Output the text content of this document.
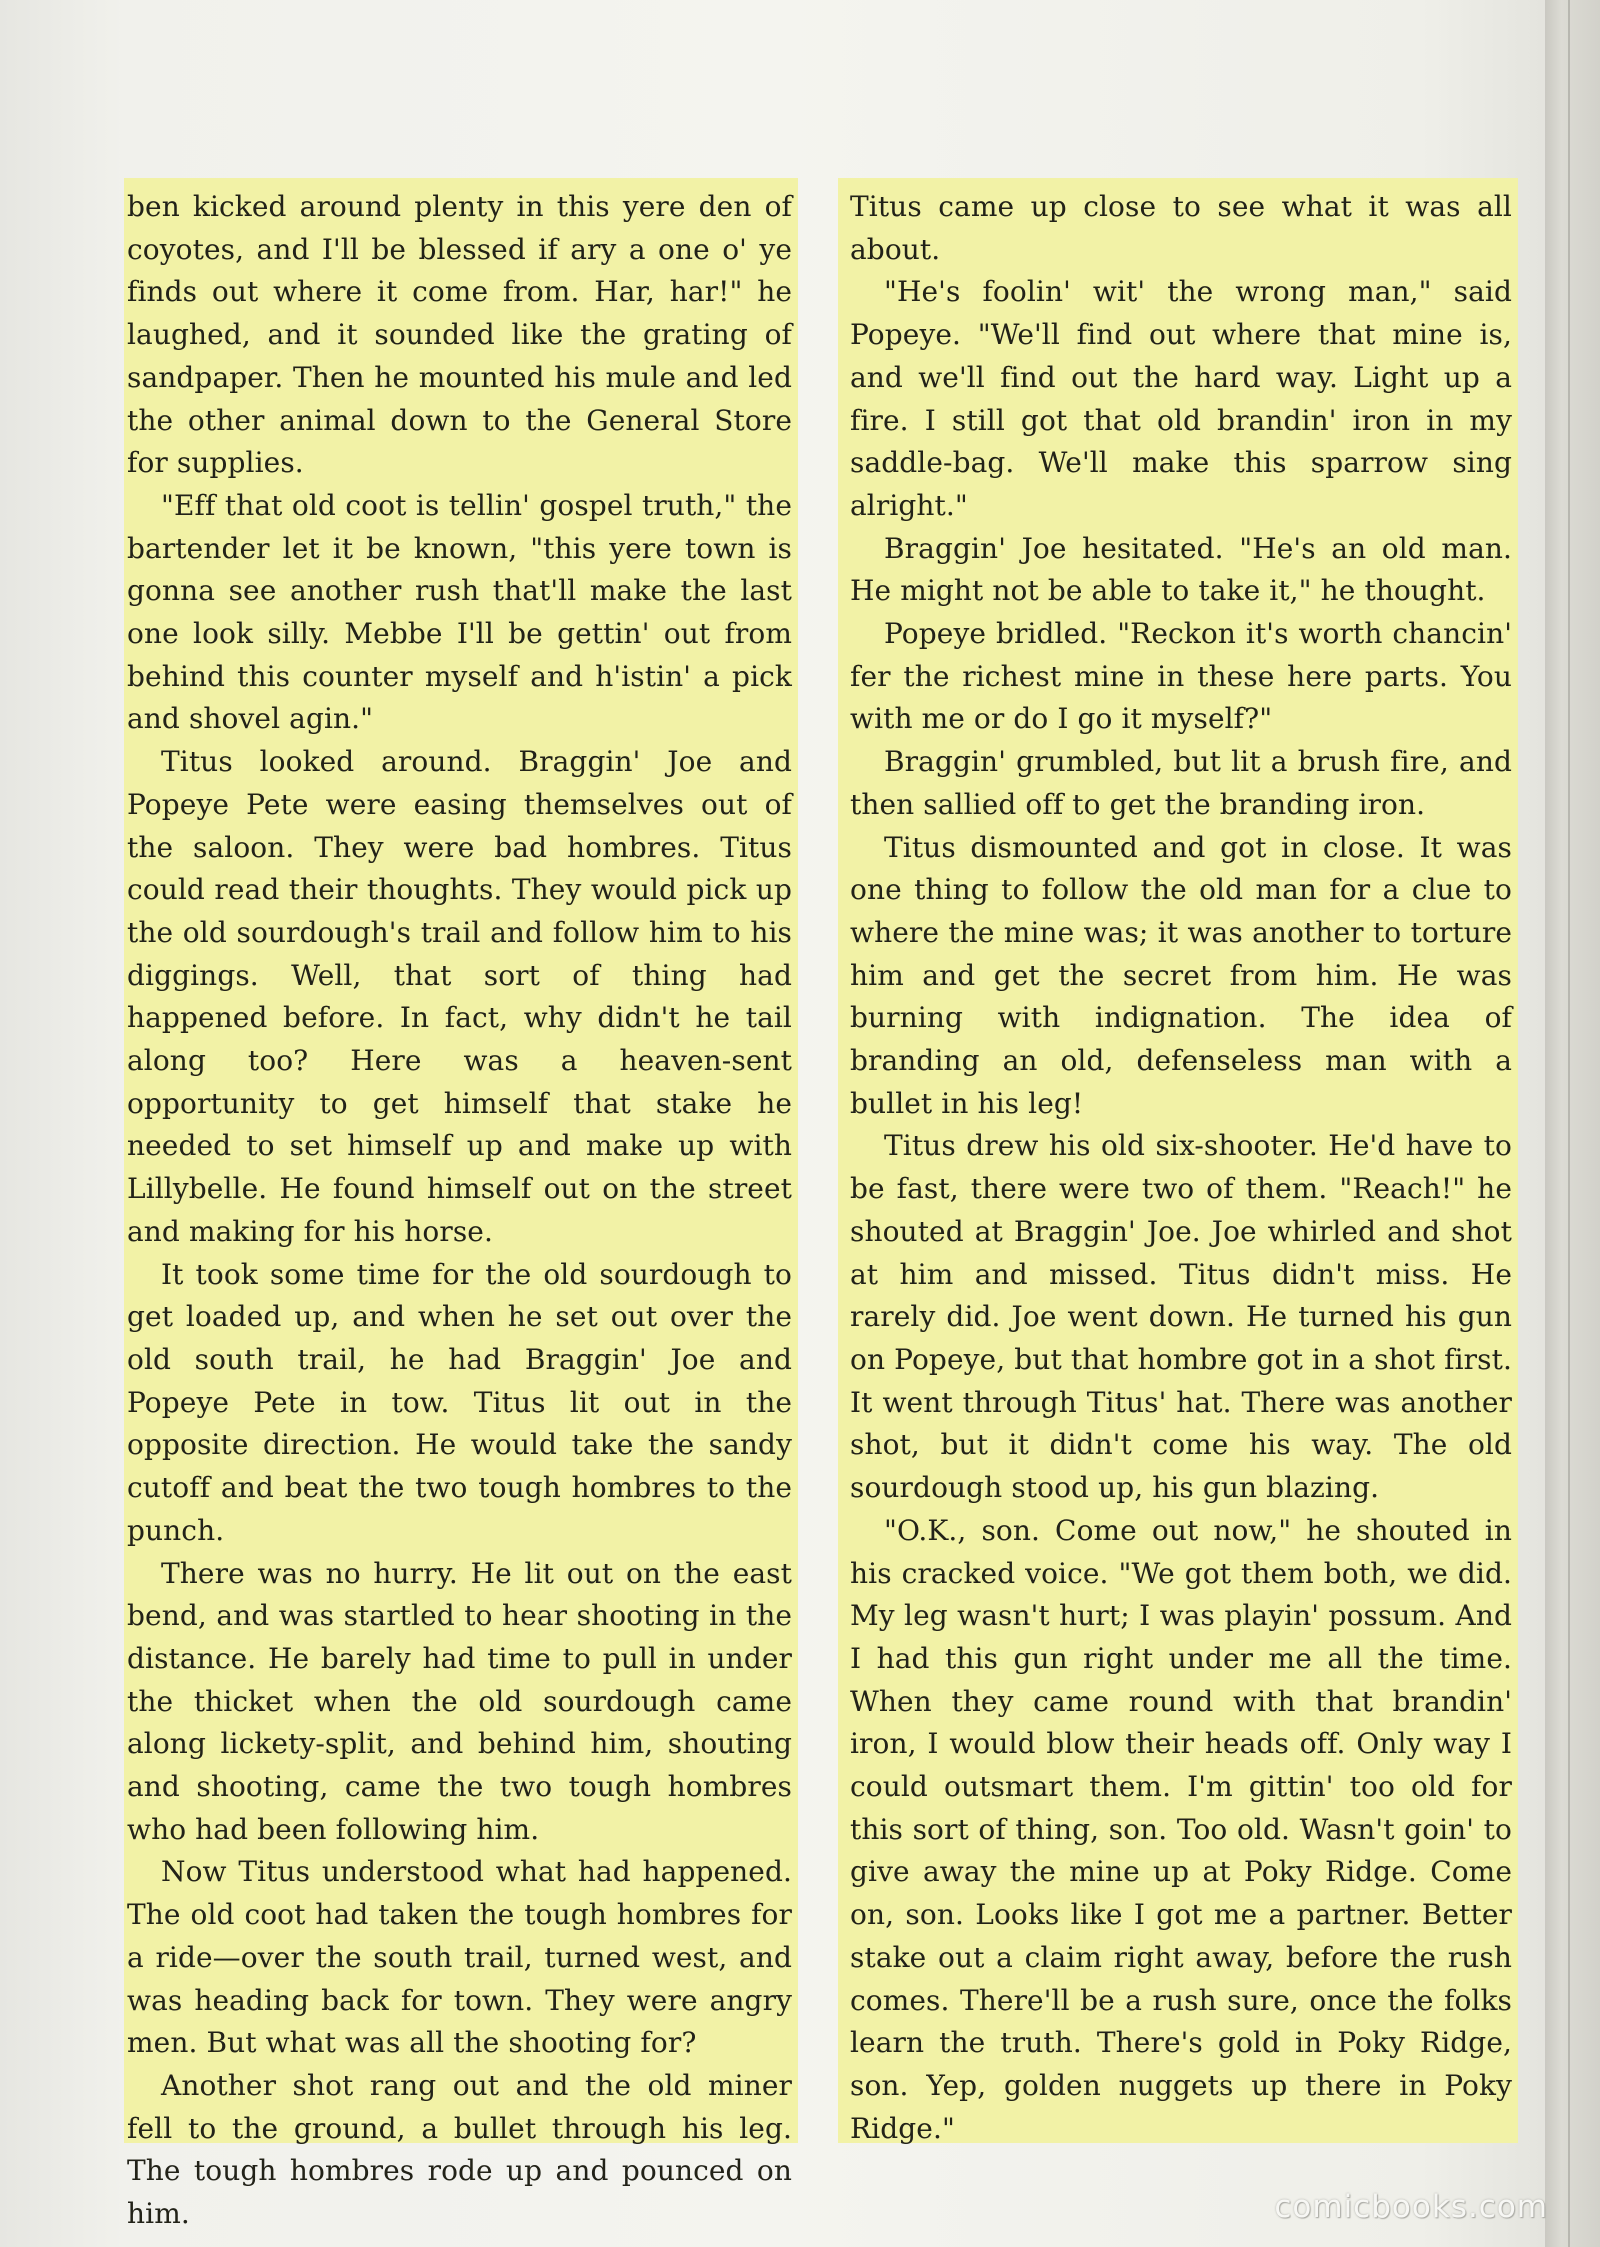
ben kicked around plenty in this yere den of coyotes, and I'll be blessed if ary a one o' ye finds out where it come from. Har, har!" he laughed, and it sounded like the grating of sandpaper. Then he mounted his mule and led the other animal down to the General Store for supplies.

"Eff that old coot is tellin' gospel truth," the bartender let it be known, "this yere town is gonna see another rush that'll make the last one look silly. Mebbe I'll be gettin' out from behind this counter myself and h'istin' a pick and shovel agin."

Titus looked around. Braggin' Joe and Popeye Pete were easing themselves out of the saloon. They were bad hombres. Titus could read their thoughts. They would pick up the old sourdough's trail and follow him to his diggings. Well, that sort of thing had happened before. In fact, why didn't he tail along too? Here was a heaven-sent opportunity to get himself that stake he needed to set himself up and make up with Lillybelle. He found himself out on the street and making for his horse.

It took some time for the old sourdough to get loaded up, and when he set out over the old south trail, he had Braggin' Joe and Popeye Pete in tow. Titus lit out in the opposite direction. He would take the sandy cutoff and beat the two tough hombres to the punch.

There was no hurry. He lit out on the east bend, and was startled to hear shooting in the distance. He barely had time to pull in under the thicket when the old sourdough came along lickety-split, and behind him, shouting and shooting, came the two tough hombres who had been following him.

Now Titus understood what had happened. The old coot had taken the tough hombres for a ride—over the south trail, turned west, and was heading back for town. They were angry men. But what was all the shooting for?

Another shot rang out and the old miner fell to the ground, a bullet through his leg. The tough hombres rode up and pounced on him.

Titus came up close to see what it was all about.

"He's foolin' wit' the wrong man," said Popeye. "We'll find out where that mine is, and we'll find out the hard way. Light up a fire. I still got that old brandin' iron in my saddle-bag. We'll make this sparrow sing alright."

Braggin' Joe hesitated. "He's an old man. He might not be able to take it," he thought.

Popeye bridled. "Reckon it's worth chancin' fer the richest mine in these here parts. You with me or do I go it myself?"

Braggin' grumbled, but lit a brush fire, and then sallied off to get the branding iron.

Titus dismounted and got in close. It was one thing to follow the old man for a clue to where the mine was; it was another to torture him and get the secret from him. He was burning with indignation. The idea of branding an old, defenseless man with a bullet in his leg!

Titus drew his old six-shooter. He'd have to be fast, there were two of them. "Reach!" he shouted at Braggin' Joe. Joe whirled and shot at him and missed. Titus didn't miss. He rarely did. Joe went down. He turned his gun on Popeye, but that hombre got in a shot first. It went through Titus' hat. There was another shot, but it didn't come his way. The old sourdough stood up, his gun blazing.

"O.K., son. Come out now," he shouted in his cracked voice. "We got them both, we did. My leg wasn't hurt; I was playin' possum. And I had this gun right under me all the time. When they came round with that brandin' iron, I would blow their heads off. Only way I could outsmart them. I'm gittin' too old for this sort of thing, son. Too old. Wasn't goin' to give away the mine up at Poky Ridge. Come on, son. Looks like I got me a partner. Better stake out a claim right away, before the rush comes. There'll be a rush sure, once the folks learn the truth. There's gold in Poky Ridge, son. Yep, golden nuggets up there in Poky Ridge."

comicbooks.com
